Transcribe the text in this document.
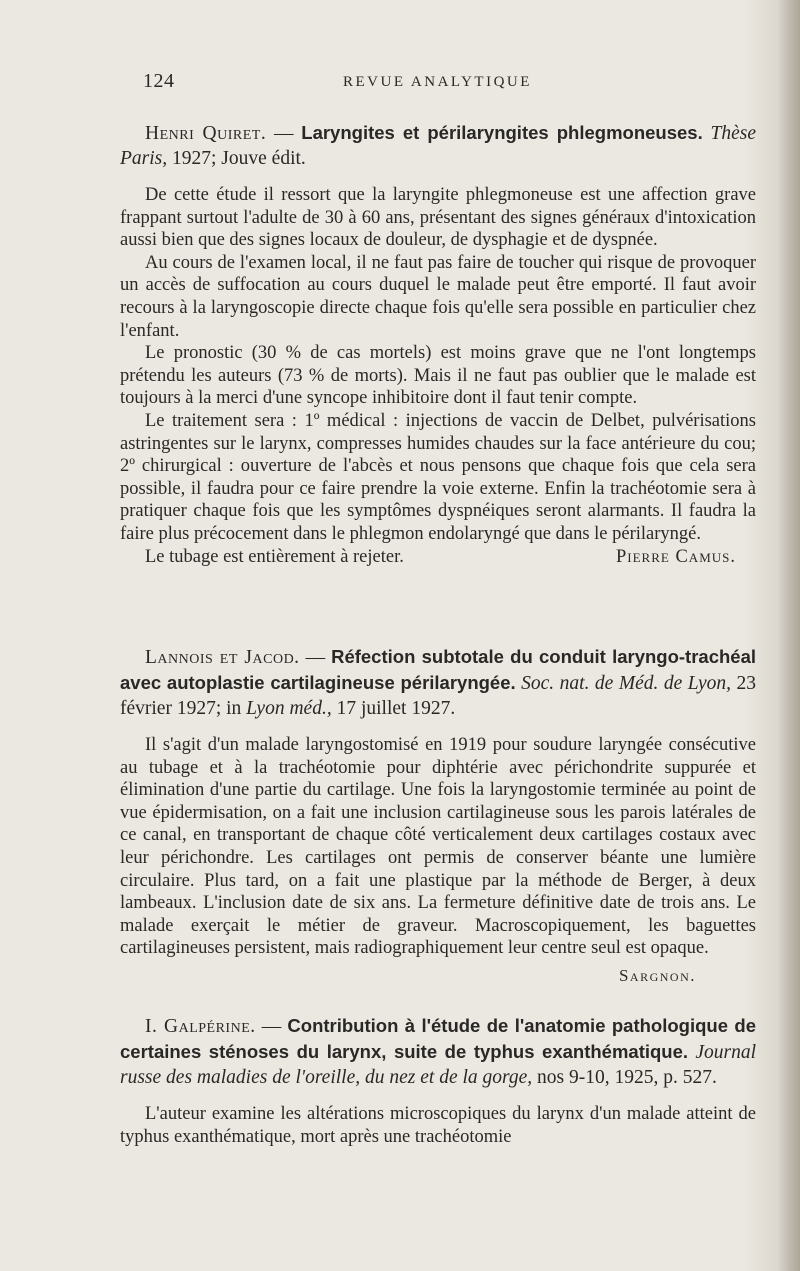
124	REVUE ANALYTIQUE

Henri Quiret. — Laryngites et périlaryngites phlegmoneuses. Thèse Paris, 1927; Jouve édit.

De cette étude il ressort que la laryngite phlegmoneuse est une affection grave frappant surtout l'adulte de 30 à 60 ans, présentant des signes généraux d'intoxication aussi bien que des signes locaux de douleur, de dysphagie et de dyspnée.

Au cours de l'examen local, il ne faut pas faire de toucher qui risque de provoquer un accès de suffocation au cours duquel le malade peut être emporté. Il faut avoir recours à la laryngoscopie directe chaque fois qu'elle sera possible en particulier chez l'enfant.

Le pronostic (30 % de cas mortels) est moins grave que ne l'ont longtemps prétendu les auteurs (73 % de morts). Mais il ne faut pas oublier que le malade est toujours à la merci d'une syncope inhibitoire dont il faut tenir compte.

Le traitement sera : 1º médical : injections de vaccin de Delbet, pulvérisations astringentes sur le larynx, compresses humides chaudes sur la face antérieure du cou; 2º chirurgical : ouverture de l'abcès et nous pensons que chaque fois que cela sera possible, il faudra pour ce faire prendre la voie externe. Enfin la trachéotomie sera à pratiquer chaque fois que les symptômes dyspnéiques seront alarmants. Il faudra la faire plus précocement dans le phlegmon endolaryngé que dans le périlaryngé.

Le tubage est entièrement à rejeter.	Pierre Camus.

Lannois et Jacod. — Réfection subtotale du conduit laryngo-trachéal avec autoplastie cartilagineuse périlaryngée. Soc. nat. de Méd. de Lyon, 23 février 1927; in Lyon méd., 17 juillet 1927.

Il s'agit d'un malade laryngostomisé en 1919 pour soudure laryngée consécutive au tubage et à la trachéotomie pour diphtérie avec périchondrite suppurée et élimination d'une partie du cartilage. Une fois la laryngostomie terminée au point de vue épidermisation, on a fait une inclusion cartilagineuse sous les parois latérales de ce canal, en transportant de chaque côté verticalement deux cartilages costaux avec leur périchondre. Les cartilages ont permis de conserver béante une lumière circulaire. Plus tard, on a fait une plastique par la méthode de Berger, à deux lambeaux. L'inclusion date de six ans. La fermeture définitive date de trois ans. Le malade exerçait le métier de graveur. Macroscopiquement, les baguettes cartilagineuses persistent, mais radiographiquement leur centre seul est opaque.

Sargnon.

I. Galpérine. — Contribution à l'étude de l'anatomie pathologique de certaines sténoses du larynx, suite de typhus exanthématique. Journal russe des maladies de l'oreille, du nez et de la gorge, nos 9-10, 1925, p. 527.

L'auteur examine les altérations microscopiques du larynx d'un malade atteint de typhus exanthématique, mort après une trachéotomie
